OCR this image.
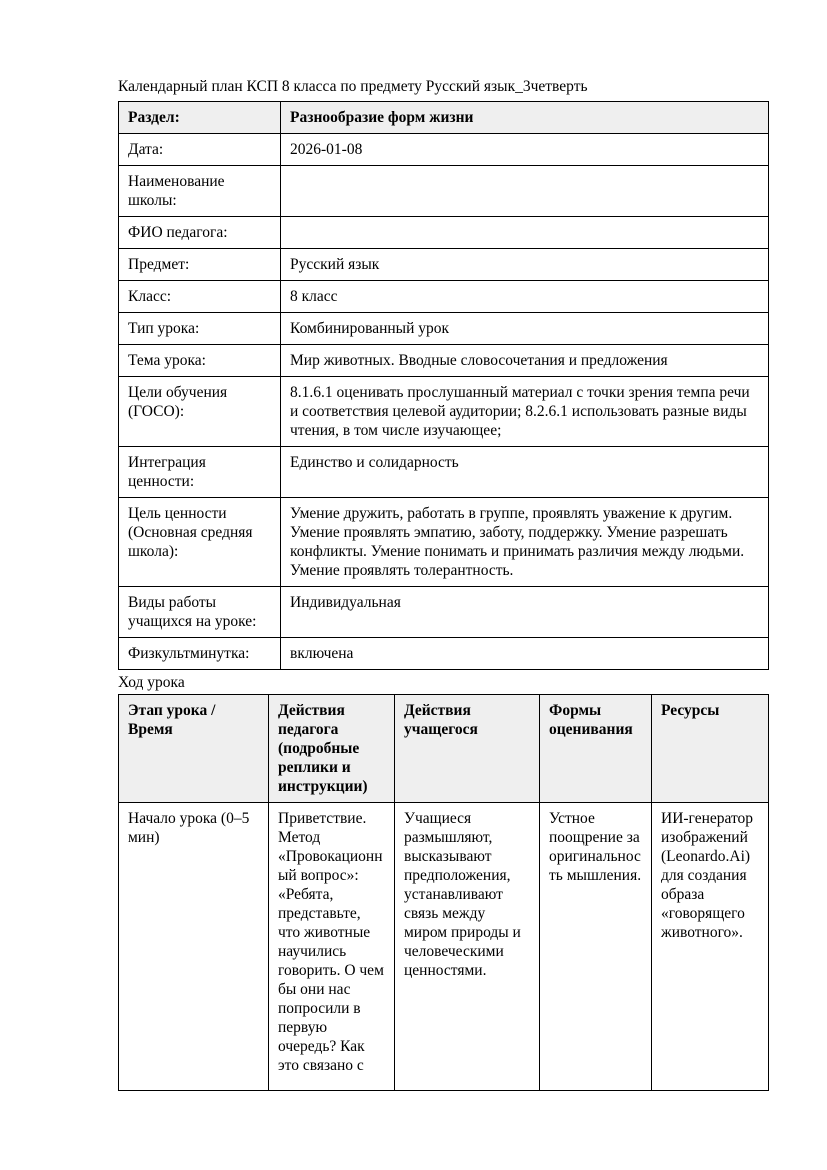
Календарный план КСП 8 класса по предмету Русский язык_3четверть

Раздел:	Разнообразие форм жизни
Дата:	2026-01-08
Наименование школы:	
ФИО педагога:	
Предмет:	Русский язык
Класс:	8 класс
Тип урока:	Комбинированный урок
Тема урока:	Мир животных. Вводные словосочетания и предложения
Цели обучения (ГОСО):	8.1.6.1 оценивать прослушанный материал с точки зрения темпа речи и соответствия целевой аудитории; 8.2.6.1 использовать разные виды чтения, в том числе изучающее;
Интеграция ценности:	Единство и солидарность
Цель ценности (Основная средняя школа):	Умение дружить, работать в группе, проявлять уважение к другим. Умение проявлять эмпатию, заботу, поддержку. Умение разрешать конфликты. Умение понимать и принимать различия между людьми. Умение проявлять толерантность.
Виды работы учащихся на уроке:	Индивидуальная
Физкультминутка:	включена

Ход урока

Этап урока / Время	Действия педагога (подробные реплики и инструкции)	Действия учащегося	Формы оценивания	Ресурсы
Начало урока (0–5 мин)	Приветствие. Метод «Провокационный вопрос»: «Ребята, представьте, что животные научились говорить. О чем бы они нас попросили в первую очередь? Как это связано с	Учащиеся размышляют, высказывают предположения, устанавливают связь между миром природы и человеческими ценностями.	Устное поощрение за оригинальность мышления.	ИИ-генератор изображений (Leonardo.Ai) для создания образа «говорящего животного».
